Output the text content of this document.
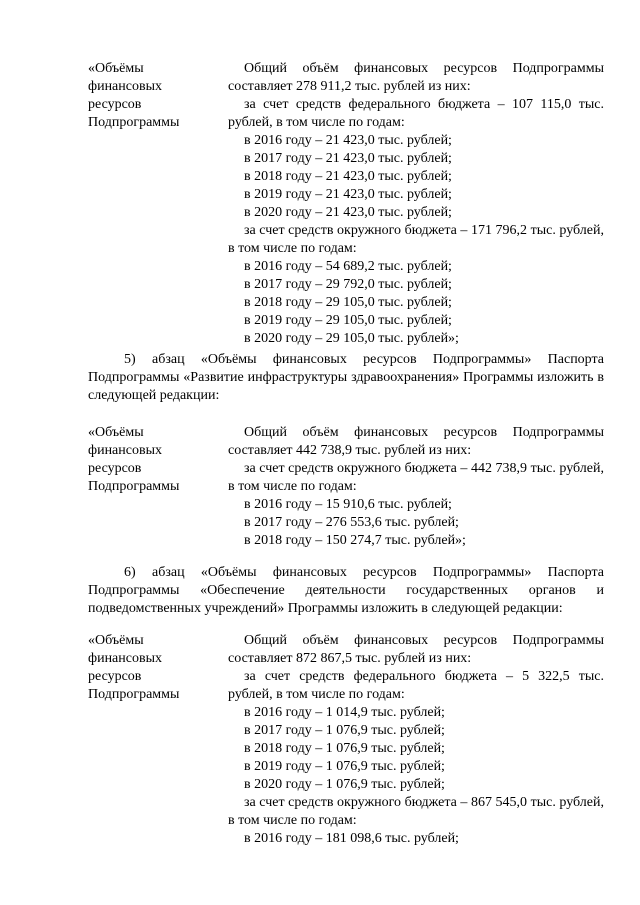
«Объёмы
финансовых
ресурсов
Подпрограммы
Общий объём финансовых ресурсов Подпрограммы составляет 278 911,2 тыс. рублей из них:
за счет средств федерального бюджета – 107 115,0 тыс. рублей, в том числе по годам:
в 2016 году – 21 423,0 тыс. рублей;
в 2017 году – 21 423,0 тыс. рублей;
в 2018 году – 21 423,0 тыс. рублей;
в 2019 году – 21 423,0 тыс. рублей;
в 2020 году – 21 423,0 тыс. рублей;
за счет средств окружного бюджета – 171 796,2 тыс. рублей, в том числе по годам:
в 2016 году – 54 689,2 тыс. рублей;
в 2017 году – 29 792,0 тыс. рублей;
в 2018 году – 29 105,0 тыс. рублей;
в 2019 году – 29 105,0 тыс. рублей;
в 2020 году – 29 105,0 тыс. рублей»;
5) абзац «Объёмы финансовых ресурсов Подпрограммы» Паспорта Подпрограммы «Развитие инфраструктуры здравоохранения» Программы изложить в следующей редакции:
«Объёмы
финансовых
ресурсов
Подпрограммы
Общий объём финансовых ресурсов Подпрограммы составляет 442 738,9 тыс. рублей из них:
за счет средств окружного бюджета – 442 738,9 тыс. рублей, в том числе по годам:
в 2016 году – 15 910,6 тыс. рублей;
в 2017 году – 276 553,6 тыс. рублей;
в 2018 году – 150 274,7 тыс. рублей»;
6) абзац «Объёмы финансовых ресурсов Подпрограммы» Паспорта Подпрограммы «Обеспечение деятельности государственных органов и подведомственных учреждений» Программы изложить в следующей редакции:
«Объёмы
финансовых
ресурсов
Подпрограммы
Общий объём финансовых ресурсов Подпрограммы составляет 872 867,5 тыс. рублей из них:
за счет средств федерального бюджета – 5 322,5 тыс. рублей, в том числе по годам:
в 2016 году – 1 014,9 тыс. рублей;
в 2017 году – 1 076,9 тыс. рублей;
в 2018 году – 1 076,9 тыс. рублей;
в 2019 году – 1 076,9 тыс. рублей;
в 2020 году – 1 076,9 тыс. рублей;
за счет средств окружного бюджета – 867 545,0 тыс. рублей, в том числе по годам:
в 2016 году – 181 098,6 тыс. рублей;
